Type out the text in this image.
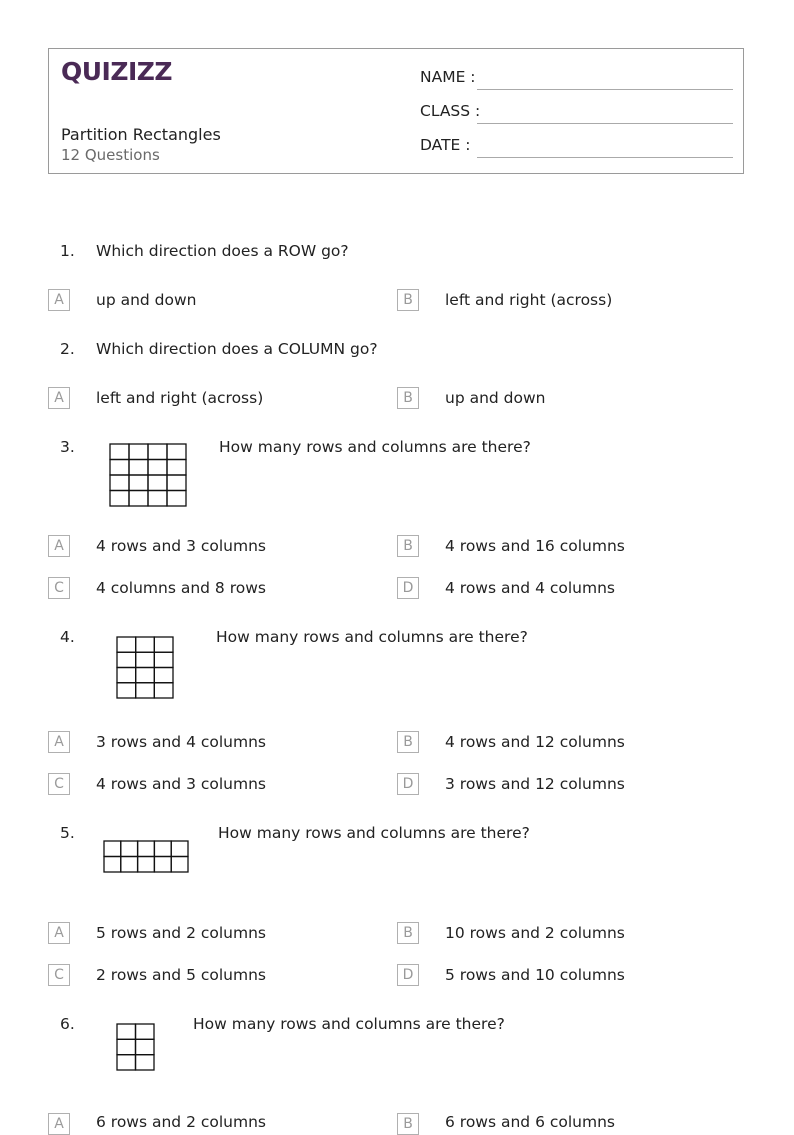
QUIZIZZ
Partition Rectangles
12 Questions
NAME :
CLASS :
DATE :
1. Which direction does a ROW go?
A	up and down	B	left and right (across)
2. Which direction does a COLUMN go?
A	left and right (across)	B	up and down
3.	How many rows and columns are there?
A	4 rows and 3 columns	B	4 rows and 16 columns
C	4 columns and 8 rows	D	4 rows and 4 columns
4.	How many rows and columns are there?
A	3 rows and 4 columns	B	4 rows and 12 columns
C	4 rows and 3 columns	D	3 rows and 12 columns
5.	How many rows and columns are there?
A	5 rows and 2 columns	B	10 rows and 2 columns
C	2 rows and 5 columns	D	5 rows and 10 columns
6.	How many rows and columns are there?
A	6 rows and 2 columns	B	6 rows and 6 columns
